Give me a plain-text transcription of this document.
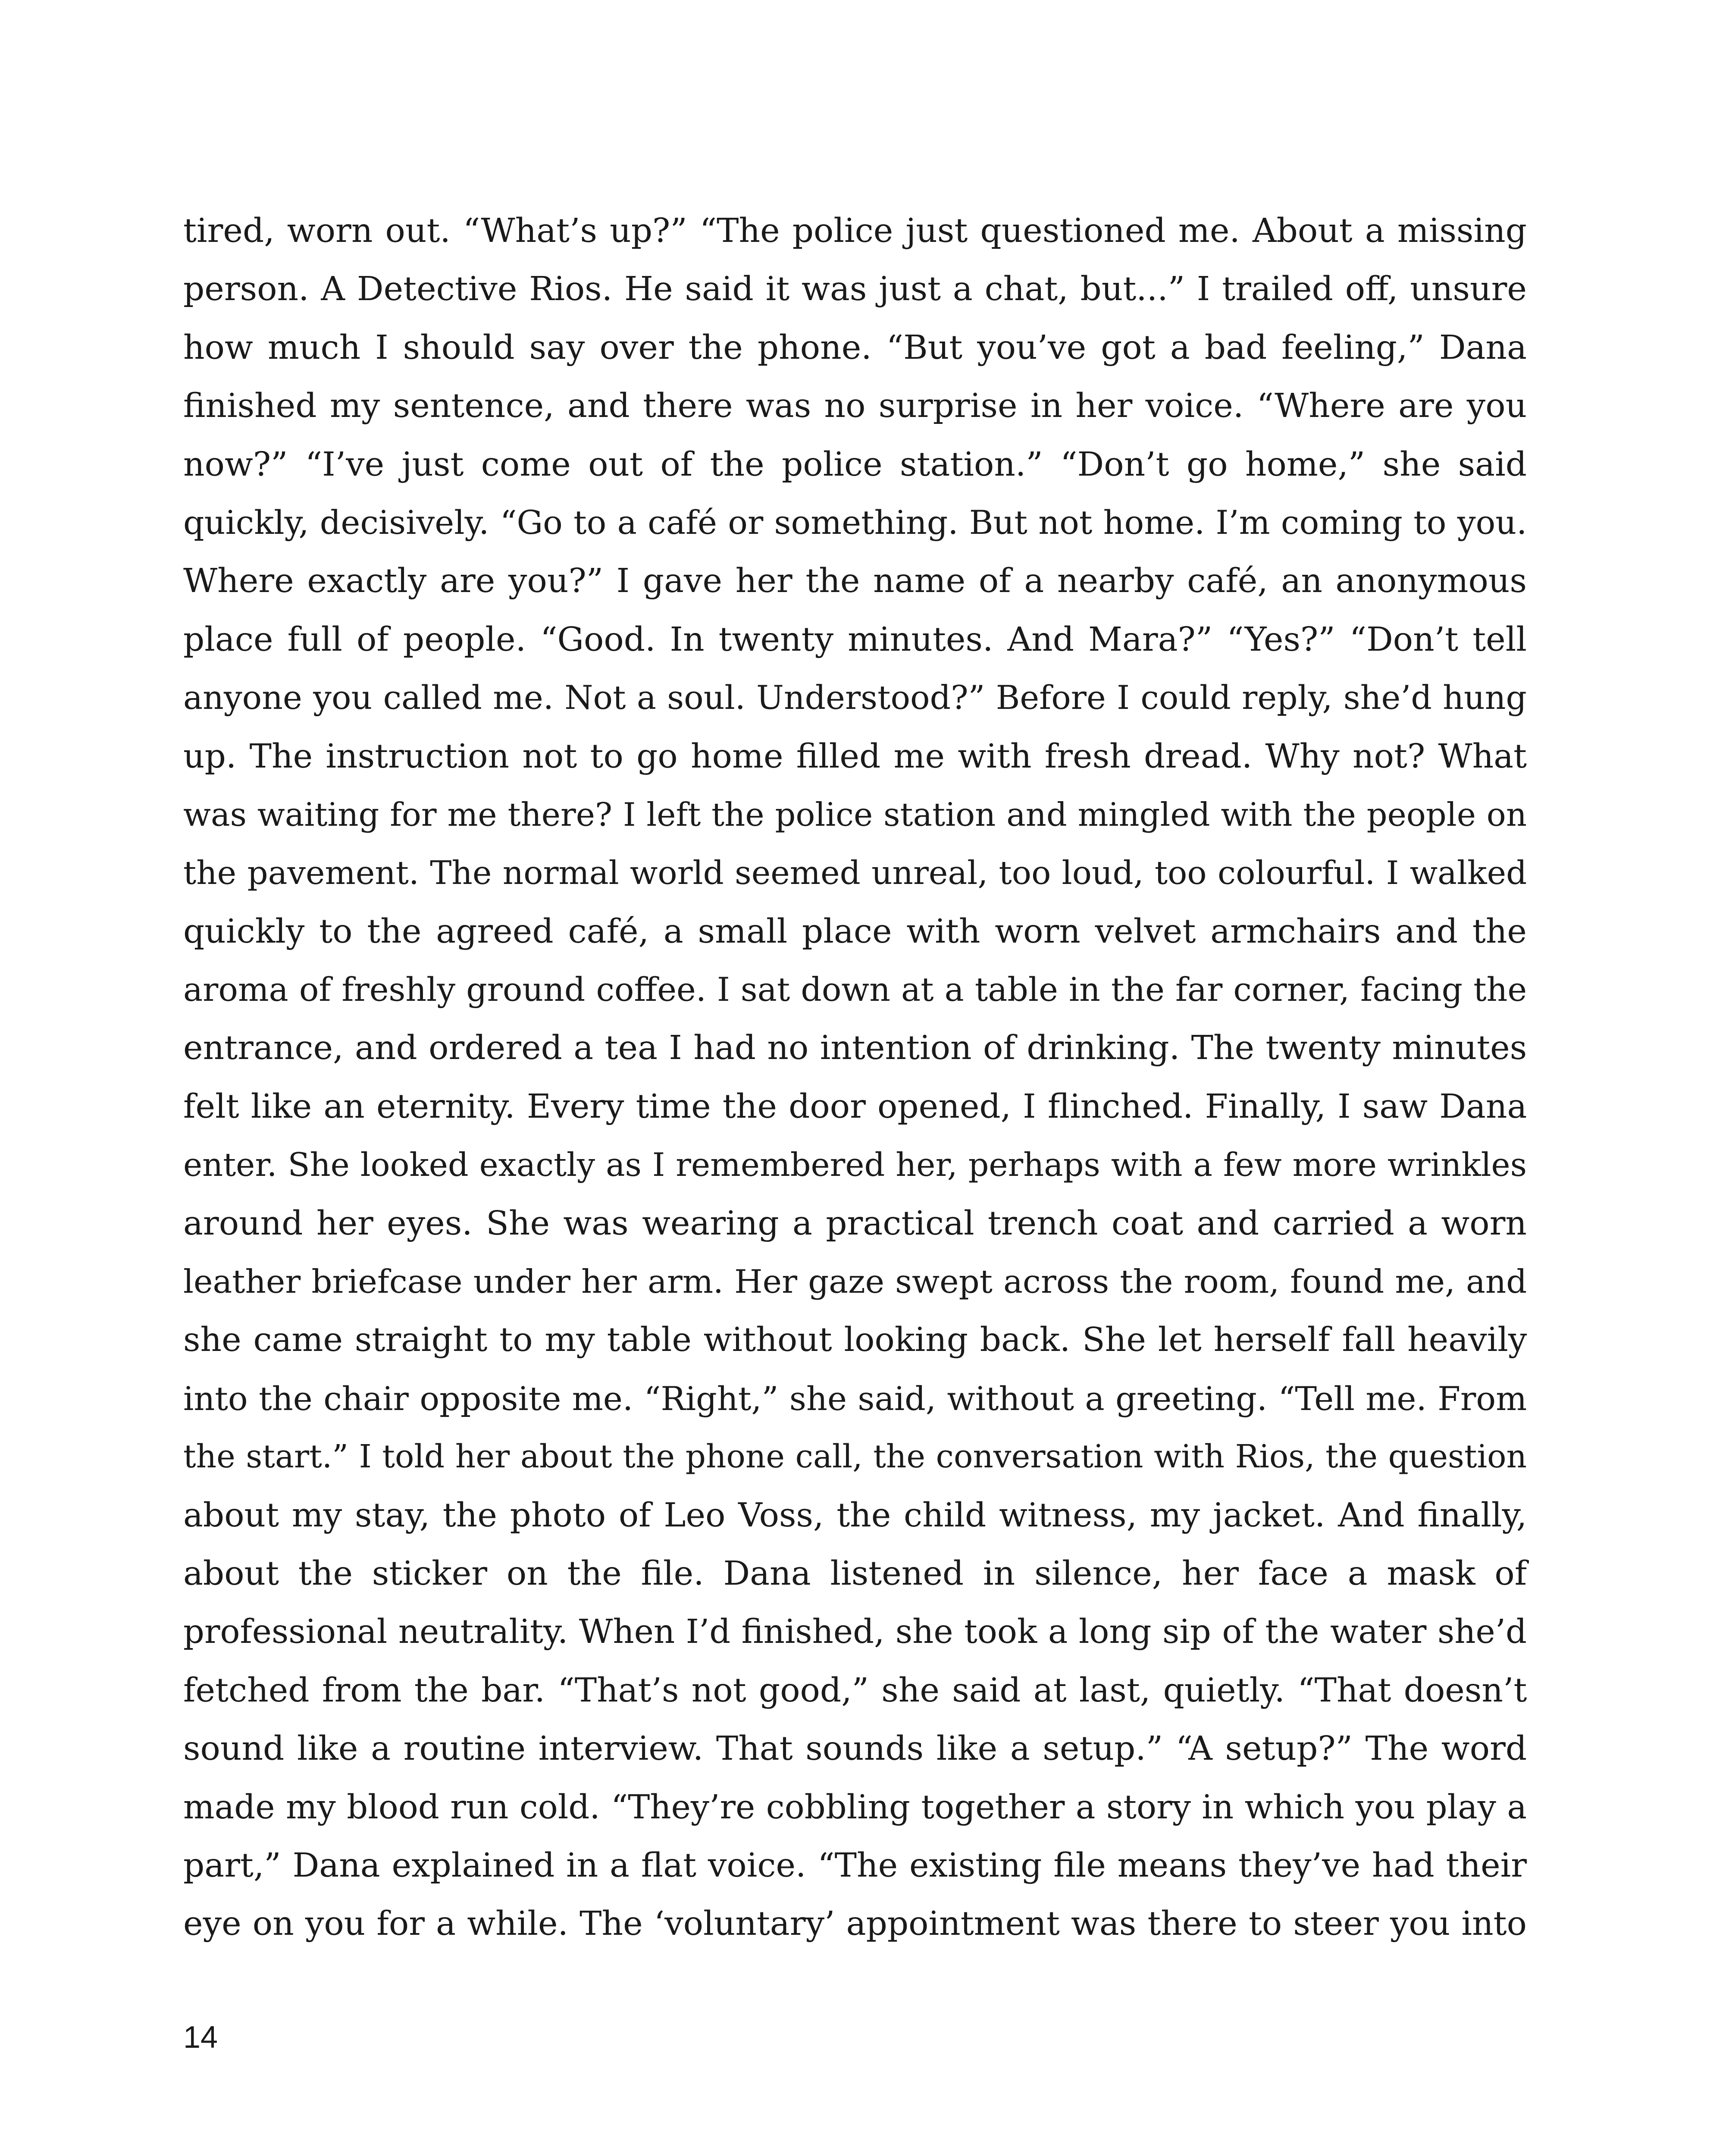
tired, worn out. “What’s up?” “The police just questioned me. About a missing
person. A Detective Rios. He said it was just a chat, but...” I trailed off, unsure
how much I should say over the phone. “But you’ve got a bad feeling,” Dana
finished my sentence, and there was no surprise in her voice. “Where are you
now?” “I’ve just come out of the police station.” “Don’t go home,” she said
quickly, decisively. “Go to a café or something. But not home. I’m coming to you.
Where exactly are you?” I gave her the name of a nearby café, an anonymous
place full of people. “Good. In twenty minutes. And Mara?” “Yes?” “Don’t tell
anyone you called me. Not a soul. Understood?” Before I could reply, she’d hung
up. The instruction not to go home filled me with fresh dread. Why not? What
was waiting for me there? I left the police station and mingled with the people on
the pavement. The normal world seemed unreal, too loud, too colourful. I walked
quickly to the agreed café, a small place with worn velvet armchairs and the
aroma of freshly ground coffee. I sat down at a table in the far corner, facing the
entrance, and ordered a tea I had no intention of drinking. The twenty minutes
felt like an eternity. Every time the door opened, I flinched. Finally, I saw Dana
enter. She looked exactly as I remembered her, perhaps with a few more wrinkles
around her eyes. She was wearing a practical trench coat and carried a worn
leather briefcase under her arm. Her gaze swept across the room, found me, and
she came straight to my table without looking back. She let herself fall heavily
into the chair opposite me. “Right,” she said, without a greeting. “Tell me. From
the start.” I told her about the phone call, the conversation with Rios, the question
about my stay, the photo of Leo Voss, the child witness, my jacket. And finally,
about the sticker on the file. Dana listened in silence, her face a mask of
professional neutrality. When I’d finished, she took a long sip of the water she’d
fetched from the bar. “That’s not good,” she said at last, quietly. “That doesn’t
sound like a routine interview. That sounds like a setup.” “A setup?” The word
made my blood run cold. “They’re cobbling together a story in which you play a
part,” Dana explained in a flat voice. “The existing file means they’ve had their
eye on you for a while. The ‘voluntary’ appointment was there to steer you into
14
